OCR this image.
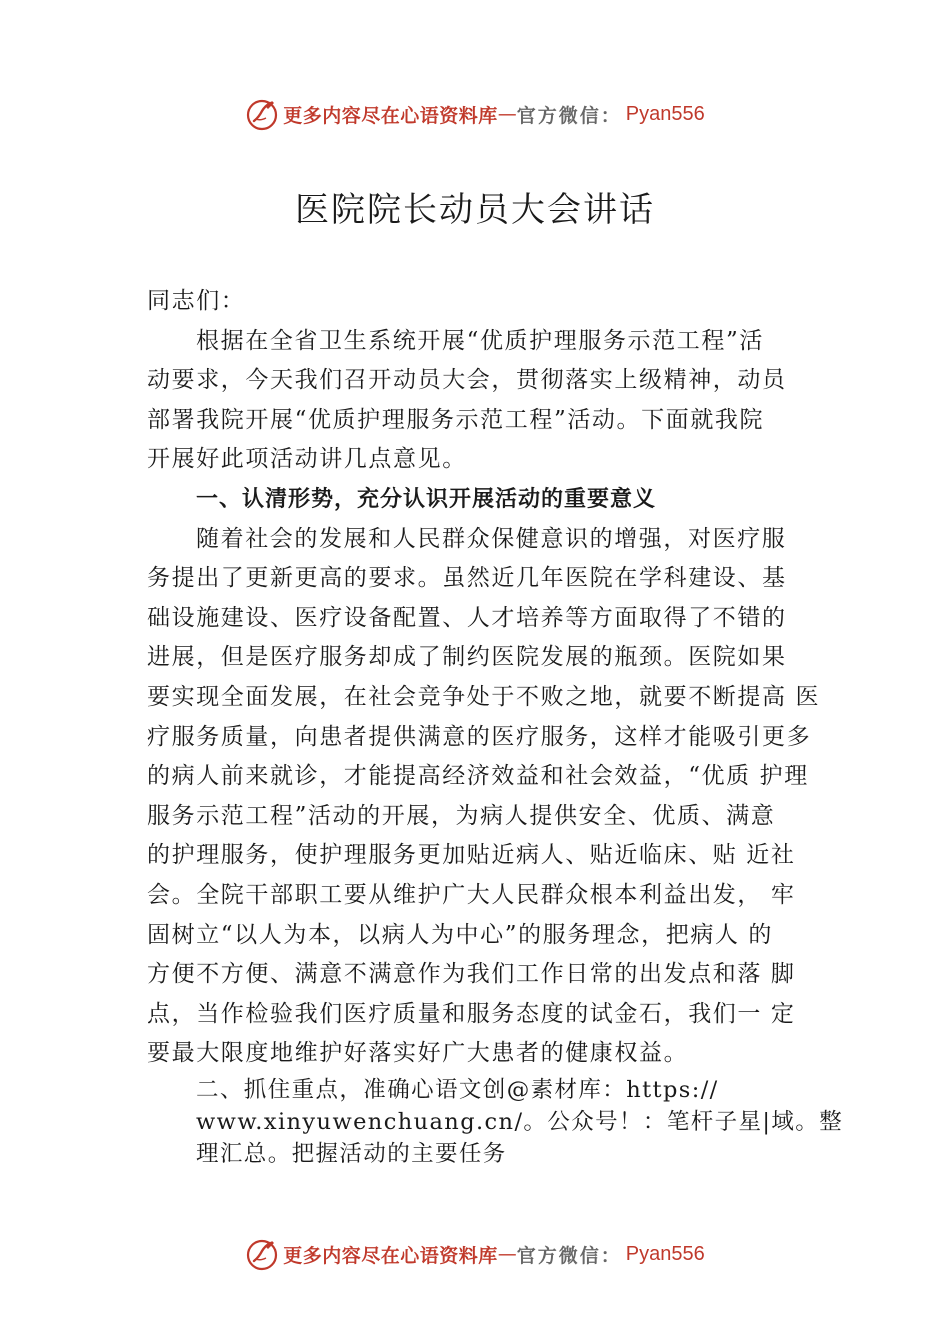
更多内容尽在心语资料库 — 官方微信： Pyan556
医院院长动员大会讲话
同志们：
根据在全省卫生系统开展“优质护理服务示范工程”活
动要求，今天我们召开动员大会，贯彻落实上级精神，动员
部署我院开展“优质护理服务示范工程”活动。下面就我院
开展好此项活动讲几点意见。
一、认清形势，充分认识开展活动的重要意义
随着社会的发展和人民群众保健意识的增强，对医疗服
务提出了更新更高的要求。虽然近几年医院在学科建设、基
础设施建设、医疗设备配置、人才培养等方面取得了不错的
进展，但是医疗服务却成了制约医院发展的瓶颈。医院如果
要实现全面发展，在社会竞争处于不败之地，就要不断提高 医
疗服务质量，向患者提供满意的医疗服务，这样才能吸引更多
的病人前来就诊，才能提高经济效益和社会效益，“优质 护理
服务示范工程”活动的开展，为病人提供安全、优质、满意
的护理服务，使护理服务更加贴近病人、贴近临床、贴 近社
会。全院干部职工要从维护广大人民群众根本利益出发， 牢
固树立“以人为本，以病人为中心”的服务理念，把病人 的
方便不方便、满意不满意作为我们工作日常的出发点和落 脚
点，当作检验我们医疗质量和服务态度的试金石，我们一 定
要最大限度地维护好落实好广大患者的健康权益。
二、抓住重点，准确心语文创@素材库：https://
www.xinyuwenchuang.cn/。公众号！：笔杆子星|域。整
理汇总。把握活动的主要任务
更多内容尽在心语资料库 — 官方微信： Pyan556
